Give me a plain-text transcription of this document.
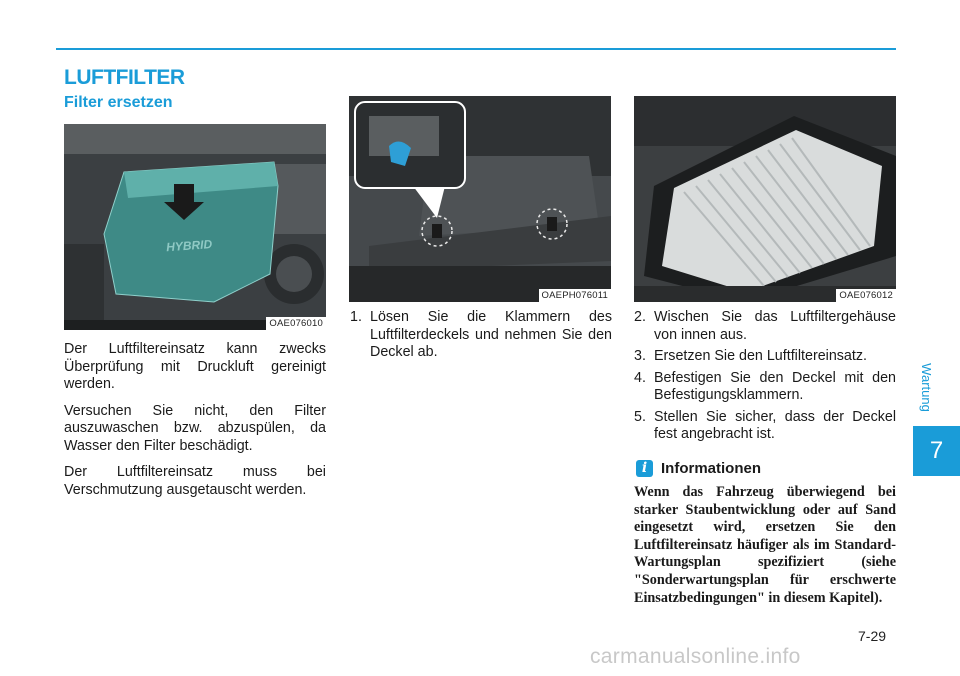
LUFTFILTER
Filter ersetzen
Wartung
7
HYBRID
OAE076010
OAEPH076011	OAE076012

Der Luftfiltereinsatz kann zwecks Überprüfung mit Druckluft gereinigt werden.

Versuchen Sie nicht, den Filter auszuwaschen bzw. abzuspülen, da Wasser den Filter beschädigt.

Der Luftfiltereinsatz muss bei Verschmutzung ausgetauscht werden.

1. Lösen Sie die Klammern des Luftfilterdeckels und nehmen Sie den Deckel ab.
2. Wischen Sie das Luftfiltergehäuse von innen aus.
3. Ersetzen Sie den Luftfiltereinsatz.
4. Befestigen Sie den Deckel mit den Befestigungsklammern.
5. Stellen Sie sicher, dass der Deckel fest angebracht ist.
i Informationen
Wenn das Fahrzeug überwiegend bei starker Staubentwicklung oder auf Sand eingesetzt wird, ersetzen Sie den Luftfiltereinsatz häufiger als im Standard-Wartungsplan spezifiziert (siehe "Sonderwartungsplan für erschwerte Einsatzbedingungen" in diesem Kapitel).
7-29
carmanualsonline.info
